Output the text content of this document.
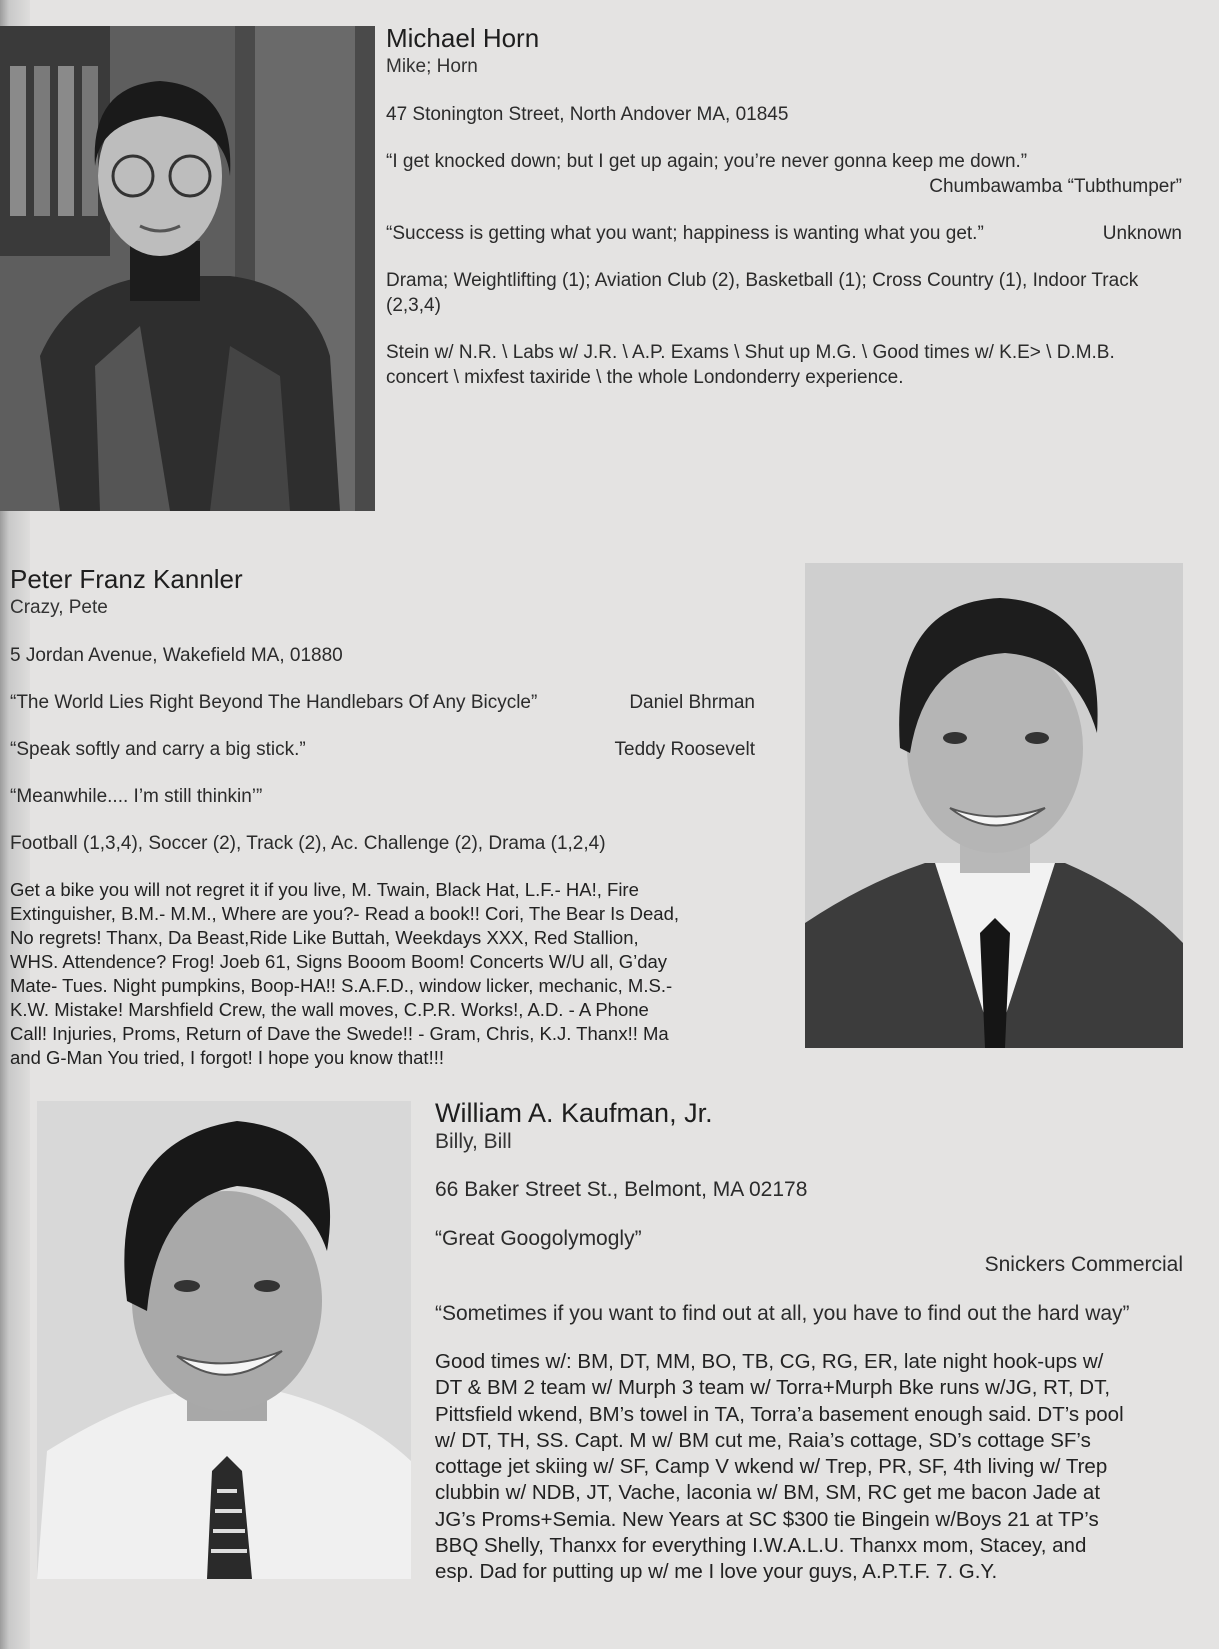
Michael Horn
Mike; Horn
47 Stonington Street, North Andover MA, 01845
“I get knocked down; but I get up again; you’re never gonna keep me down.”
Chumbawamba “Tubthumper”
“Success is getting what you want; happiness is wanting what you get.”	Unknown
Drama; Weightlifting (1); Aviation Club (2), Basketball (1); Cross Country (1), Indoor Track (2,3,4)
Stein w/ N.R. \ Labs w/ J.R. \ A.P. Exams \ Shut up M.G. \ Good times w/ K.E> \ D.M.B. concert \ mixfest taxiride \ the whole Londonderry experience.
Peter Franz Kannler
Crazy, Pete
5 Jordan Avenue, Wakefield MA, 01880
“The World Lies Right Beyond The Handlebars Of Any Bicycle”	Daniel Bhrman
“Speak softly and carry a big stick.”	Teddy Roosevelt
“Meanwhile.... I’m still thinkin’”
Football (1,3,4), Soccer (2), Track (2), Ac. Challenge (2), Drama (1,2,4)
Get a bike you will not regret it if you live, M. Twain, Black Hat, L.F.- HA!, Fire
Extinguisher, B.M.- M.M., Where are you?- Read a book!! Cori, The Bear Is Dead,
No regrets! Thanx, Da Beast,Ride Like Buttah, Weekdays XXX, Red Stallion,
WHS. Attendence? Frog! Joeb 61, Signs Booom Boom! Concerts W/U all, G’day
Mate- Tues. Night pumpkins, Boop-HA!! S.A.F.D., window licker, mechanic, M.S.-
K.W. Mistake! Marshfield Crew, the wall moves, C.P.R. Works!, A.D. - A Phone
Call! Injuries, Proms, Return of Dave the Swede!! - Gram, Chris, K.J. Thanx!! Ma
and G-Man You tried, I forgot! I hope you know that!!!
William A. Kaufman, Jr.
Billy, Bill
66 Baker Street St., Belmont, MA 02178
“Great Googolymogly”
Snickers Commercial
“Sometimes if you want to find out at all, you have to find out the hard way”
Good times w/: BM, DT, MM, BO, TB, CG, RG, ER, late night hook-ups w/
DT & BM 2 team w/ Murph 3 team w/ Torra+Murph Bke runs w/JG, RT, DT,
Pittsfield wkend, BM’s towel in TA, Torra’a basement enough said. DT’s pool
w/ DT, TH, SS. Capt. M w/ BM cut me, Raia’s cottage, SD’s cottage SF’s
cottage jet skiing w/ SF, Camp V wkend w/ Trep, PR, SF, 4th living w/ Trep
clubbin w/ NDB, JT, Vache, laconia w/ BM, SM, RC get me bacon Jade at
JG’s Proms+Semia. New Years at SC $300 tie Bingein w/Boys 21 at TP’s
BBQ Shelly, Thanxx for everything I.W.A.L.U. Thanxx mom, Stacey, and
esp. Dad for putting up w/ me I love your guys, A.P.T.F. 7. G.Y.
